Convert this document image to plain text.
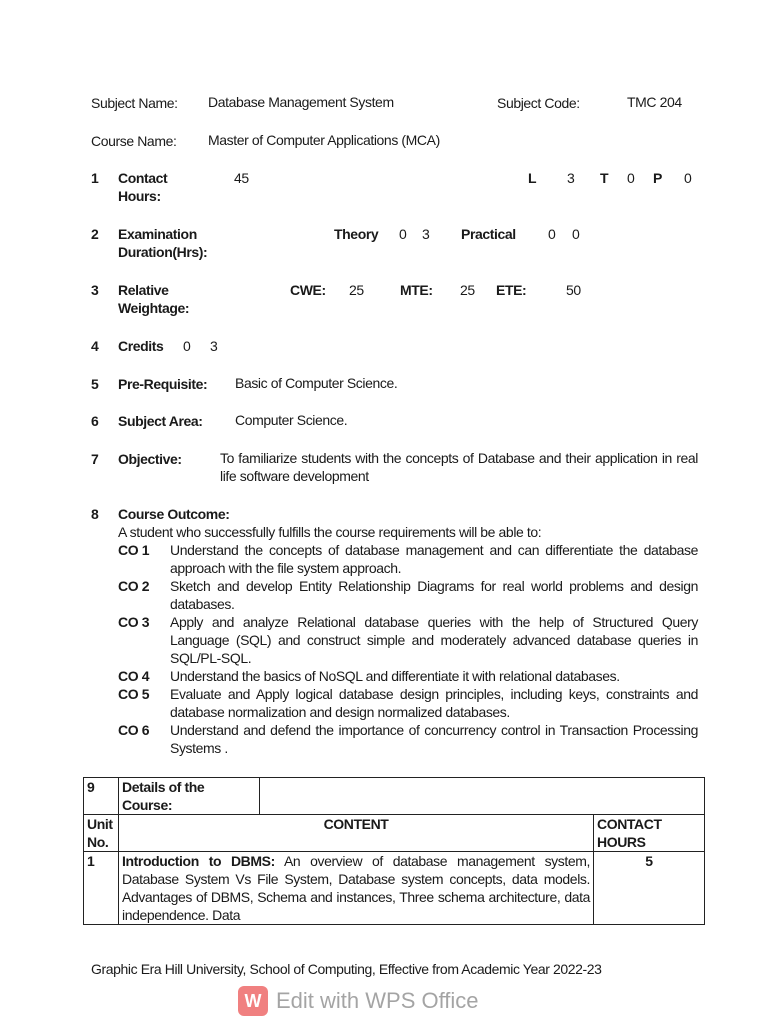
Subject Name: Database Management System	Subject Code:	TMC 204
Course Name: Master of Computer Applications (MCA)
1 Contact
Hours:
45	L 3 T 0 P 0
2 Examination
Duration(Hrs):
Theory 0 3 Practical 0 0
3 Relative
Weightage:
CWE: 25	MTE: 25 ETE:	50
4 Credits 0 3
5 Pre-Requisite: Basic of Computer Science.
6 Subject Area: Computer Science.
7 Objective:	To familiarize students with the concepts of Database and their application in real life software development
8	Course Outcome:
A student who successfully fulfills the course requirements will be able to:
CO 1	Understand the concepts of database management and can differentiate the database approach with the file system approach.
CO 2	Sketch and develop Entity Relationship Diagrams for real world problems and design databases.
CO 3	Apply and analyze Relational database queries with the help of Structured Query Language (SQL) and construct simple and moderately advanced database queries in SQL/PL-SQL.
CO 4	Understand the basics of NoSQL and differentiate it with relational databases.
CO 5	Evaluate and Apply logical database design principles, including keys, constraints and database normalization and design normalized databases.
CO 6	Understand and defend the importance of concurrency control in Transaction Processing Systems .
9	Details of the Course:		
Unit No.	CONTENT		CONTACT HOURS
1	Introduction to DBMS: An overview of database management system, Database System Vs File System, Database system concepts, data models. Advantages of DBMS, Schema and instances, Three schema architecture, data independence. Data		5
Graphic Era Hill University, School of Computing, Effective from Academic Year 2022-23
W Edit with WPS Office
